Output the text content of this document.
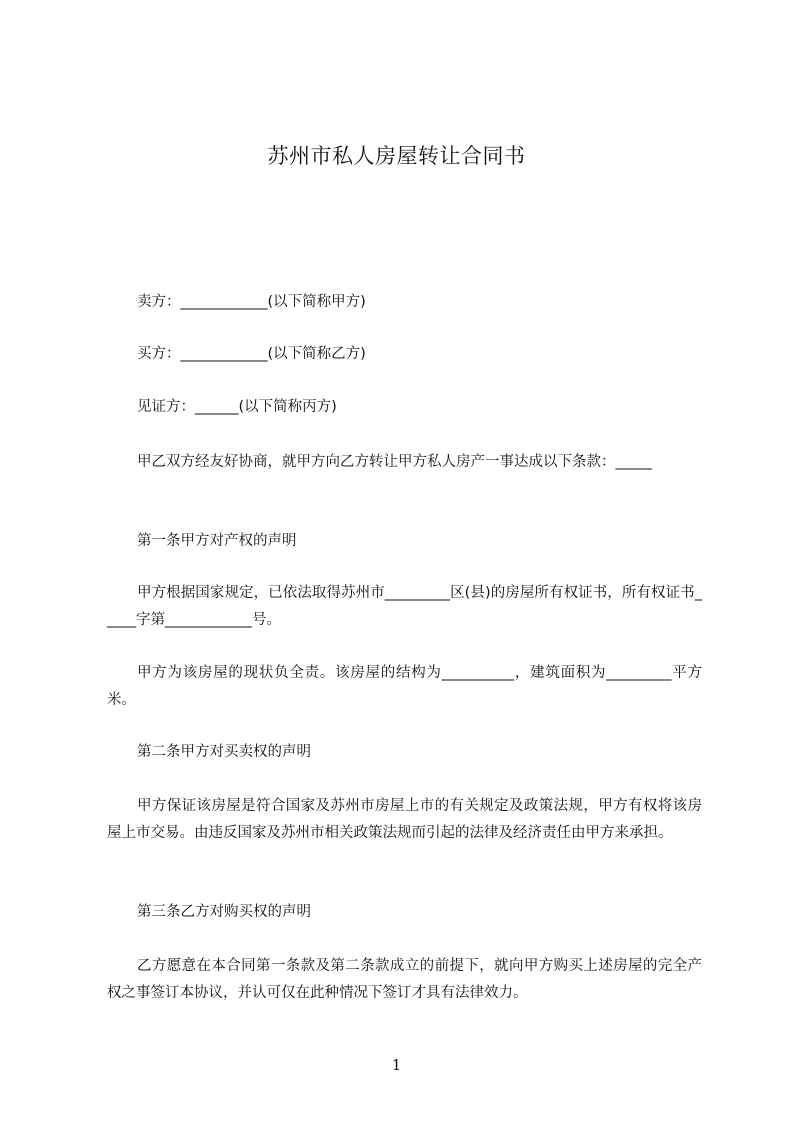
苏州市私人房屋转让合同书
卖方：____________(以下简称甲方)
买方：____________(以下简称乙方)
见证方：______(以下简称丙方)
甲乙双方经友好协商，就甲方向乙方转让甲方私人房产一事达成以下条款：_____
第一条甲方对产权的声明
甲方根据国家规定，已依法取得苏州市_________区(县)的房屋所有权证书，所有权证书_____字第____________号。
甲方为该房屋的现状负全责。该房屋的结构为__________，建筑面积为_________平方米。
第二条甲方对买卖权的声明
甲方保证该房屋是符合国家及苏州市房屋上市的有关规定及政策法规，甲方有权将该房屋上市交易。由违反国家及苏州市相关政策法规而引起的法律及经济责任由甲方来承担。
第三条乙方对购买权的声明
乙方愿意在本合同第一条款及第二条款成立的前提下，就向甲方购买上述房屋的完全产权之事签订本协议，并认可仅在此种情况下签订才具有法律效力。
1
